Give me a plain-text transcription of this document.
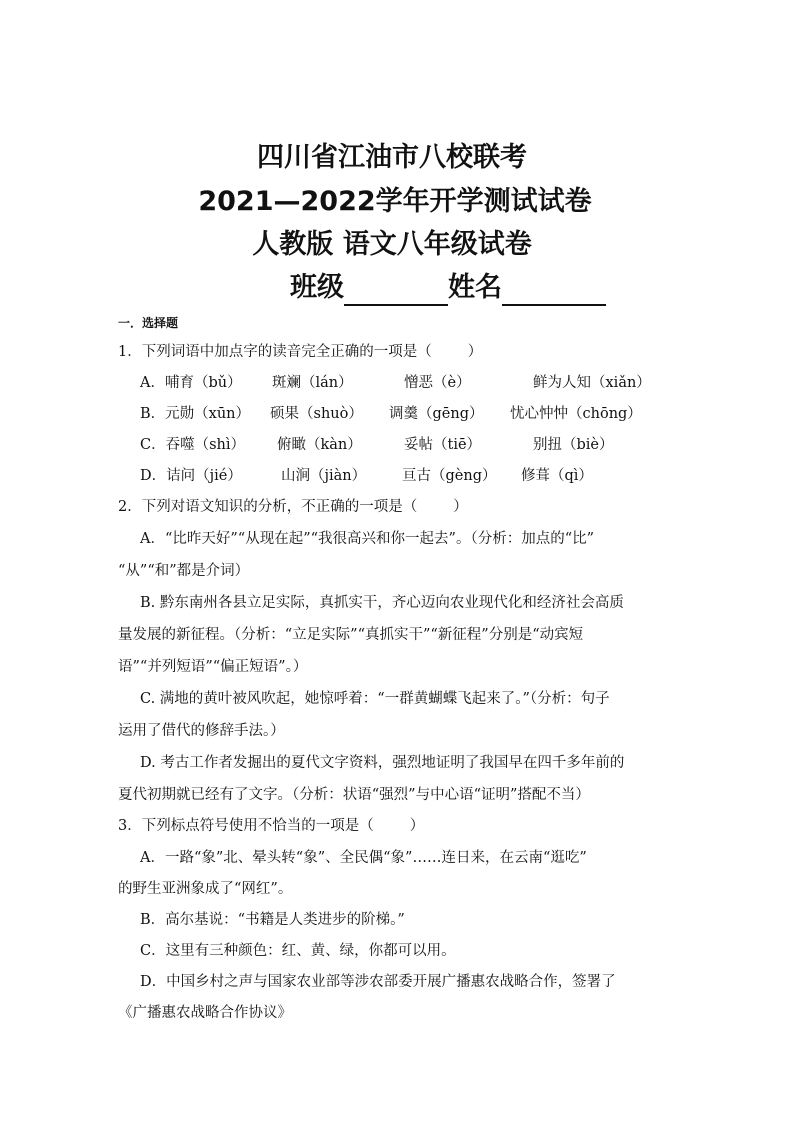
四川省江油市八校联考
2021—2022学年开学测试试卷
人教版 语文八年级试卷
班级	姓名
一．选择题
1．下列词语中加点字的读音完全正确的一项是（ ）
A．哺育（bǔ） 斑斓（lán）	憎恶（è）	鲜为人知（xiǎn）
B．元勋（xūn） 硕果（shuò） 调羹（gēng） 忧心忡忡（chōng）
C．吞噬（shì） 俯瞰（kàn）	妥帖（tiē）	别扭（biè）
D．诘问（jié）	山涧（jiàn） 亘古（gèng） 修葺（qì）
2．下列对语文知识的分析，不正确的一项是（ ）
A．“比昨天好”“从现在起”“我很高兴和你一起去”。（分析：加点的“比”
“从”“和”都是介词）
B. 黔东南州各县立足实际，真抓实干，齐心迈向农业现代化和经济社会高质
量发展的新征程。（分析：“立足实际”“真抓实干”“新征程”分别是“动宾短
语”“并列短语”“偏正短语”。）
C. 满地的黄叶被风吹起，她惊呼着：“一群黄蝴蝶飞起来了。”（分析：句子
运用了借代的修辞手法。）
D. 考古工作者发掘出的夏代文字资料，强烈地证明了我国早在四千多年前的
夏代初期就已经有了文字。（分析：状语“强烈”与中心语“证明”搭配不当）
3．下列标点符号使用不恰当的一项是（ ）
A．一路“象”北、晕头转“象”、全民偶“象”……连日来，在云南“逛吃”
的野生亚洲象成了“网红”。
B．高尔基说：“书籍是人类进步的阶梯。”
C．这里有三种颜色：红、黄、绿，你都可以用。
D．中国乡村之声与国家农业部等涉农部委开展广播惠农战略合作，签署了
《广播惠农战略合作协议》
